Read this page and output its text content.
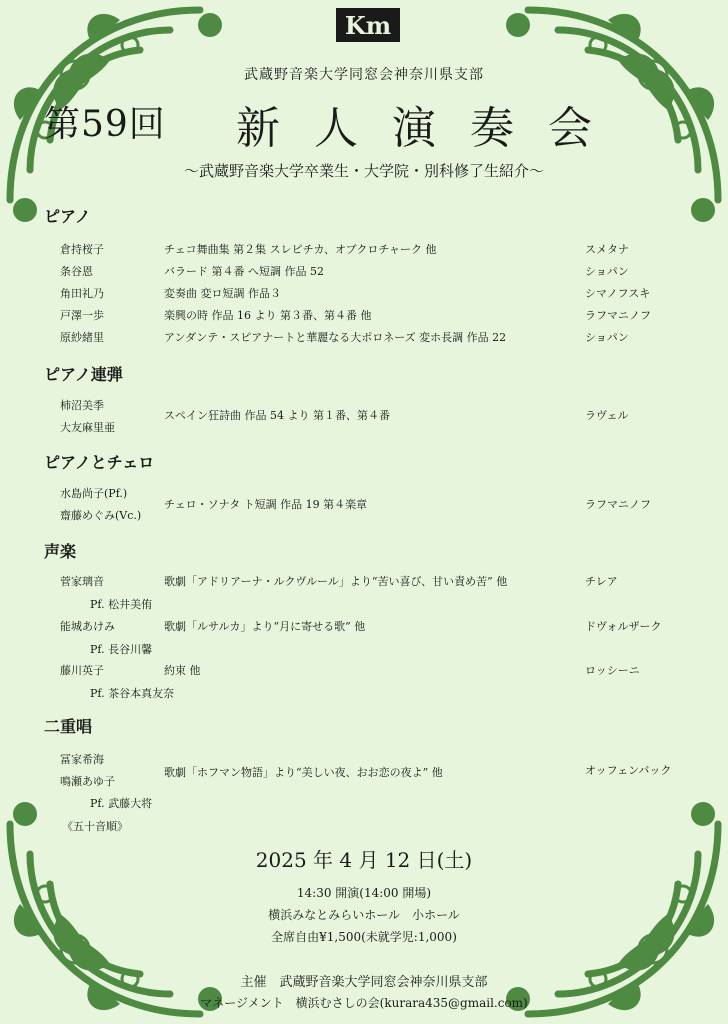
Km
武蔵野音楽大学同窓会神奈川県支部
第59回 新人演奏会
〜武蔵野音楽大学卒業生・大学院・別科修了生紹介〜
ピアノ
倉持桜子	チェコ舞曲集 第２集 スレピチカ、オブクロチャーク 他	スメタナ
条谷恩	バラード 第４番 へ短調 作品 52	ショパン
角田礼乃	変奏曲 変ロ短調 作品３	シマノフスキ
戸澤一歩	楽興の時 作品 16 より 第３番、第４番 他	ラフマニノフ
原紗緒里	アンダンテ・スピアナートと華麗なる大ポロネーズ 変ホ長調 作品 22	ショパン
ピアノ連弾
柿沼美季
大友麻里亜
スペイン狂詩曲 作品 54 より 第１番、第４番	ラヴェル
ピアノとチェロ
水島尚子(Pf.)
齋藤めぐみ(Vc.)
チェロ・ソナタ ト短調 作品 19 第４楽章	ラフマニノフ
声楽
菅家璃音	歌劇「アドリアーナ・ルクヴルール」より“苦い喜び、甘い責め苦” 他	チレア
Pf. 松井美侑
能城あけみ	歌劇「ルサルカ」より“月に寄せる歌” 他	ドヴォルザーク
Pf. 長谷川馨
藤川英子	約束 他	ロッシーニ
Pf. 茶谷本真友奈
二重唱
冨家希海
鳴瀬あゆ子
歌劇「ホフマン物語」より“美しい夜、おお恋の夜よ” 他	オッフェンバック
Pf. 武藤大将
《五十音順》
2025 年 4 月 12 日(土)
14:30 開演(14:00 開場)
横浜みなとみらいホール　小ホール
全席自由¥1,500(未就学児:1,000)
主催　武蔵野音楽大学同窓会神奈川県支部
マネージメント　横浜むさしの会(kurara435@gmail.com)
